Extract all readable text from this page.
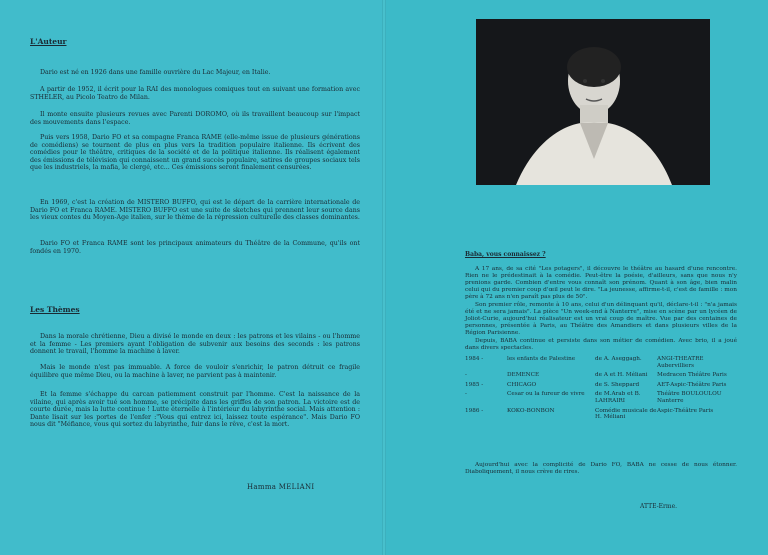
L'Auteur

Dario est né en 1926 dans une famille ouvrière du Lac Majeur, en Italie.

A partir de 1952, il écrit pour la RAI des monologues comiques tout en suivant une formation avec STHELER, au Picolo Teatro de Milan.

Il monte ensuite plusieurs revues avec Parenti DOROMO, où ils travaillent beaucoup sur l'impact des mouvements dans l'espace.

Puis vers 1958, Dario FO et sa compagne Franca RAME (elle-même issue de plusieurs générations de comédiens) se tournent de plus en plus vers la tradition populaire italienne. Ils écrivent des comédies pour le théâtre, critiques de la société et de la politique italienne. Ils réalisent également des émissions de télévision qui connaissent un grand succès populaire, satires de groupes sociaux tels que les industriels, la mafia, le clergé, etc... Ces émissions seront finalement censurées.

En 1969, c'est la création de MISTERO BUFFO, qui est le départ de la carrière internationale de Dario FO et Franca RAME. MISTERO BUFFO est une suite de sketches qui prennent leur source dans les vieux contes du Moyen-Age italien, sur le thème de la répression culturelle des classes dominantes.

Dario FO et Franca RAME sont les principaux animateurs du Théâtre de la Commune, qu'ils ont fondés en 1970.

Les Thèmes

Dans la morale chrétienne, Dieu a divisé le monde en deux : les patrons et les vilains - ou l'homme et la femme - Les premiers ayant l'obligation de subvenir aux besoins des seconds : les patrons donnent le travail, l'homme la machine à laver.

Mais le monde n'est pas immuable. A force de vouloir s'enrichir, le patron détruit ce fragile équilibre que même Dieu, ou la machine à laver, ne parvient pas à maintenir.

Et la femme s'échappe du carcan patiemment construit par l'homme. C'est la naissance de la vilaine, qui après avoir tué son homme, se précipite dans les griffes de son patron. La victoire est de courte durée, mais la lutte continue ! Lutte éternelle à l'intérieur du labyrinthe social. Mais attention : Dante lisait sur les portes de l'enfer :"Vous qui entrez ici, laissez toute espérance". Mais Dario FO nous dit "Méfiance, vous qui sortez du labyrinthe, fuir dans le rêve, c'est la mort.

Hamma MELIANI
Baba, vous connaissez ?

A 17 ans, de sa cité "Les potagers", il découvre le théâtre au hasard d'une rencontre. Rien ne le prédestinait à la comédie. Peut-être la poésie, d'ailleurs, sans que nous n'y prenions garde. Combien d'entre vous connaît son prénom. Quant à son âge, bien malin celui qui du premier coup d'œil peut le dire. "La jeunesse, affirme-t-il, c'est de famille : mon père à 72 ans n'en paraît pas plus de 50".

Son premier rôle, remonte à 10 ans, celui d'un délinquant qu'il, déclare-t-il : "n'a jamais été et ne sera jamais". La pièce "Un week-end à Nanterre", mise en scène par un lycéen de Joliot-Curie, aujourd'hui réalisateur est un vrai coup de maître. Vue par des centaines de personnes, présentée à Paris, au Théâtre des Amandiers et dans plusieurs villes de la Région Parisienne.

Depuis, BABA continue et persiste dans son métier de comédien. Avec brio, il a joué dans divers spectacles.

1984 -	les enfants de Palestine	de A. Aseggagh.	ANGI-THEATRE Aubervilliers
-	DEMENCE	de A et H. Méliani	Medracen Théâtre Paris
1985 -	CHICAGO	de S. Sheppard	AET-Aspic-Théâtre Paris
-	Cesar ou la fureur de vivre	de M.Arab et B. LAHRAIRI	Théâtre BOULOULOU Nanterre
1986 -	KOKO-BONBON	Comédie musicale de H. Méliani	Aspic-Théâtre Paris

Aujourd'hui avec la complicité de Dario FO, BABA ne cesse de nous étonner. Diaboliquement, il nous crève de rires.

ATTE-Erme.
